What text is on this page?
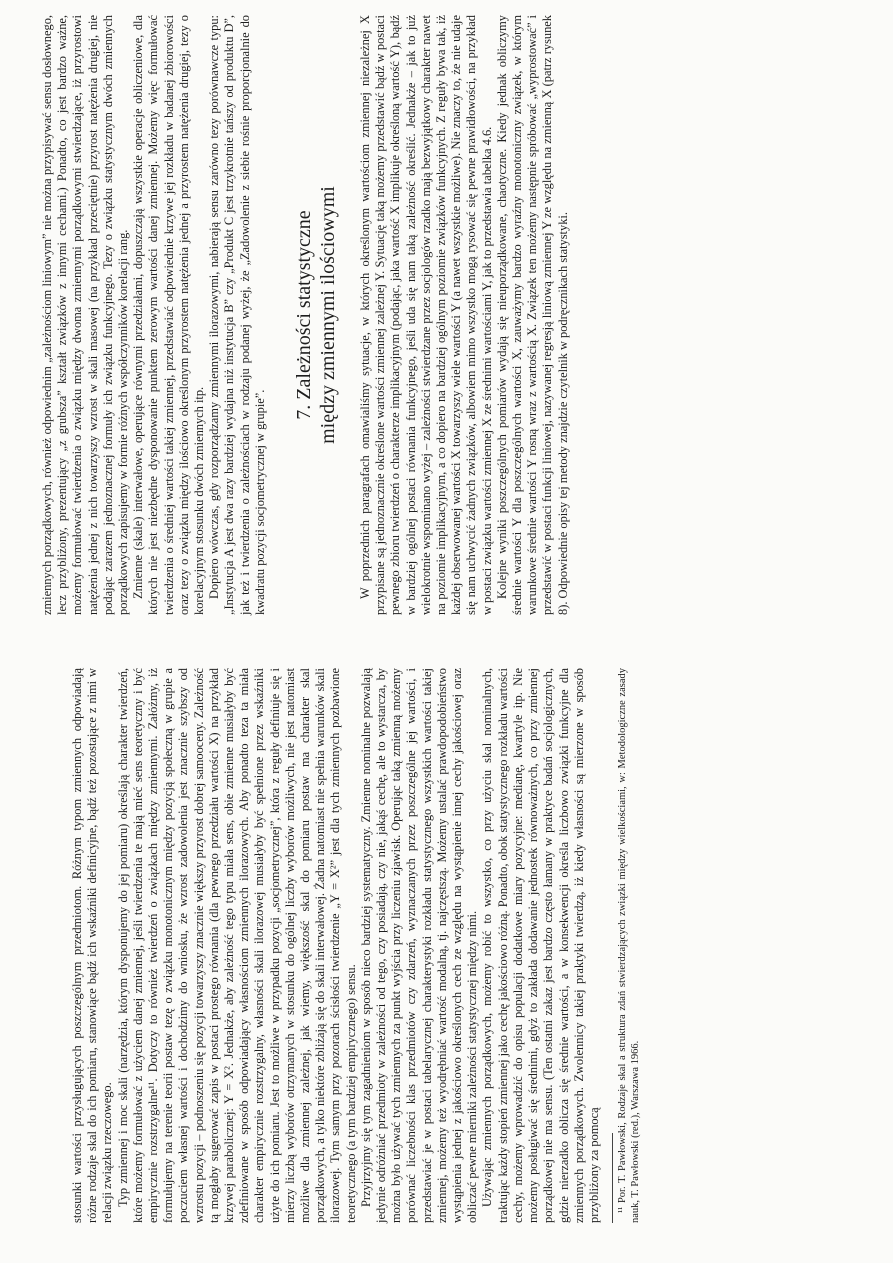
stosunki wartości przysługujących poszczególnym przedmiotom. Różnym typom zmiennych odpowiadają różne rodzaje skal do ich pomiaru, stanowiące bądź ich wskaźniki definicyjne, bądź też pozostające z nimi w relacji związku rzeczowego. Typ zmiennej i moc skali (narzędzia, którym dysponujemy do jej pomiaru) określają charakter twierdzeń, które możemy formułować z użyciem danej zmiennej, jeśli twierdzenia te mają mieć sens teoretyczny i być empirycznie rozstrzygalne¹¹. Dotyczy to również twierdzeń o związkach między zmiennymi. Załóżmy, iż formułujemy na terenie teorii postaw tezę o związku monotonicznym między pozycją społeczną w grupie a poczuciem własnej wartości i dochodzimy do wniosku, że wzrost zadowolenia jest znacznie szybszy od wzrostu pozycji – podnoszeniu się pozycji towarzyszy znacznie większy przyrost dobrej samooceny. Zależność tą mogłaby sugerować zapis w postaci prostego równania (dla pewnego przedziału wartości X) na przykład krzywej parabolicznej: Y = X². Jednakże, aby zależność tego typu miała sens, obie zmienne musiałyby być zdefiniowane w sposób odpowiadający własnościom zmiennych ilorazowych. Aby ponadto teza ta miała charakter empirycznie rozstrzygalny, własności skali ilorazowej musiałyby być spełnione przez wskaźniki użyte do ich pomiaru. Jest to możliwe w przypadku pozycji „socjometrycznej”, która z reguły definiuje się i mierzy liczbą wyborów otrzymanych w stosunku do ogólnej liczby wyborów możliwych, nie jest natomiast możliwe dla zmiennej zależnej, jak wiemy, większość skal do pomiaru postaw ma charakter skal porządkowych, a tylko niektóre zbliżają się do skali interwałowej. Żadna natomiast nie spełnia warunków skali ilorazowej. Tym samym przy pozorach ścisłości twierdzenie „Y = X²” jest dla tych zmiennych pozbawione teoretycznego (a tym bardziej empirycznego) sensu. Przyjrzyjmy się tym zagadnieniom w sposób nieco bardziej systematyczny. Zmienne nominalne pozwalają jedynie odróżniać przedmioty w zależności od tego, czy posiadają, czy nie, jakąś cechę, ale to wystarcza, by można było używać tych zmiennych za punkt wyjścia przy liczeniu zjawisk. Operując taką zmienną możemy porównać liczebności klas przedmiotów czy zdarzeń, wyznaczanych przez poszczególne jej wartości, i przedstawiać je w postaci tabelarycznej charakterystyki rozkładu statystycznego wszystkich wartości takiej zmiennej, możemy też wyodrębniać wartość modalną, tj. najczęstszą. Możemy ustalać prawdopodobieństwo wystąpienia jednej z jakościowo określonych cech ze względu na wystąpienie innej cechy jakościowej oraz obliczać pewne mierniki zależności statystycznej między nimi. Używając zmiennych porządkowych, możemy robić to wszystko, co przy użyciu skal nominalnych, traktując każdy stopień zmiennej jako cechę jakościowo różną. Ponadto, obok statystycznego rozkładu wartości cechy, możemy wprowadzić do opisu populacji dodatkowe miary pozycyjne: medianę, kwartyle itp. Nie możemy posługiwać się średnimi, gdyż to zakłada dodawanie jednostek równoważnych, co przy zmiennej porządkowej nie ma sensu. (Ten ostatni zakaz jest bardzo często łamany w praktyce badań socjologicznych, gdzie nierzadko oblicza się średnie wartości, a w konsekwencji określa liczbowo związki funkcyjne dla zmiennych porządkowych. Zwolennicy takiej praktyki twierdzą, iż kiedy własności są mierzone w sposób przybliżony za pomocą ¹¹ Por. T. Pawłowski, Rodzaje skal a struktura zdań stwierdzających związki między wielkościami, w: Metodologiczne zasady nauk, T. Pawłowski (red.), Warszawa 1966.

zmiennych porządkowych, również odpowiednim „zależnościom liniowym” nie można przypisywać sensu dosłownego, lecz przybliżony, prezentujący „z grubsza” kształt związków z innymi cechami.) Ponadto, co jest bardzo ważne, możemy formułować twierdzenia o związku między dwoma zmiennymi porządkowymi stwierdzające, iż przyrostowi natężenia jednej z nich towarzyszy wzrost w skali masowej (na przykład przeciętnie) przyrost natężenia drugiej, nie podając zarazem jednoznacznej formuły ich związku funkcyjnego. Tezy o związku statystycznym dwóch zmiennych porządkowych zapisujemy w formie różnych współczynników korelacji rang. Zmienne (skale) interwałowe, operujące równymi przedziałami, dopuszczają wszystkie operacje obliczeniowe, dla których nie jest niezbędne dysponowanie punktem zerowym wartości danej zmiennej. Możemy więc formułować twierdzenia o średniej wartości takiej zmiennej, przedstawiać odpowiednie krzywe jej rozkładu w badanej zbiorowości oraz tezy o związku między ilościowo określonym przyrostem natężenia jednej a przyrostem natężenia drugiej, tezy o korelacyjnym stosunku dwóch zmiennych itp. Dopiero wówczas, gdy rozporządzamy zmiennymi ilorazowymi, nabierają sensu zarówno tezy porównawcze typu: „Instytucja A jest dwa razy bardziej wydajna niż instytucja B” czy „Produkt C jest trzykrotnie tańszy od produktu D”, jak też i twierdzenia o zależnościach w rodzaju podanej wyżej, że „Zadowolenie z siebie rośnie proporcjonalnie do kwadratu pozycji socjometrycznej w grupie”.

7. Zależności statystyczne między zmiennymi ilościowymi W poprzednich paragrafach omawialiśmy sytuacje, w których określonym wartościom zmiennej niezależnej X przypisane są jednoznacznie określone wartości zmiennej zależnej Y. Sytuację taką możemy przedstawić bądź w postaci pewnego zbioru twierdzeń o charakterze implikacyjnym (podając, jaka wartość X implikuje określoną wartość Y), bądź w bardziej ogólnej postaci równania funkcyjnego, jeśli uda się nam taką zależność określić. Jednakże – jak to już wielokrotnie wspominano wyżej – zależności stwierdzane przez socjologów rzadko mają bezwyjątkowy charakter nawet na poziomie implikacyjnym, a co dopiero na bardziej ogólnym poziomie związków funkcyjnych. Z reguły bywa tak, iż każdej obserwowanej wartości X towarzyszy wiele wartości Y (a nawet wszystkie możliwe). Nie znaczy to, że nie udaje się nam uchwycić żadnych związków, albowiem mimo wszystko mogą rysować się pewne prawidłowości, na przykład w postaci związku wartości zmiennej X ze średnimi wartościami Y, jak to przedstawia tabelka 4.6. Kolejne wyniki poszczególnych pomiarów wydają się nieuporządkowane, chaotyczne. Kiedy jednak obliczymy średnie wartości Y dla poszczególnych wartości X, zauważymy bardzo wyraźny monotoniczny związek, w którym warunkowe średnie wartości Y rosną wraz z wartością X. Związek ten możemy następnie spróbować „wyprostować” i przedstawić w postaci funkcji liniowej, nazywanej regresją liniową zmiennej Y ze względu na zmienną X (patrz rysunek 8). Odpowiednie opisy tej metody znajdzie czytelnik w podręcznikach statystyki.
